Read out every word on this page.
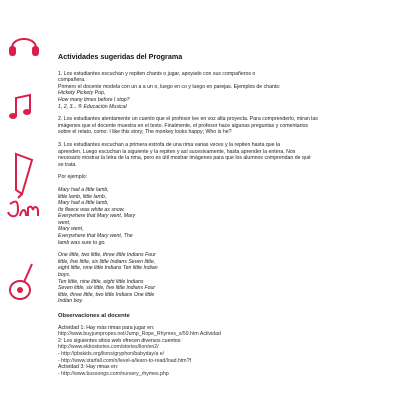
Actividades sugeridas del Programa

1. Los estudiantes escuchan y repiten chants o jugar, apoyado con sus compañeros o
compañera.
Primero el docente modela con un a a un o, luego en co y luego en parejas. Ejemplos de chants:
Hickety Pickety Pop,
How many times before I stop?
1, 2, 3... ® Educación Musical

2. Los estudiantes atentamente un cuento que el profesor lee en voz alta proyecta. Para comprenderlo, miran las
imágenes que el docente muestra en el texto. Finalmente, el profesor hace algunas preguntas y comentarios
sobre el relato, como: I like this story; The monkey looks happy; Who is he?

3. Los estudiantes escuchan a primera estrofa de una rima varias veces y la repiten hasta que la
aprenden. Luego escuchan la siguiente y la repiten y así sucesivamente, hasta aprender la entera. Nos
necesario mostrar la letra de la rima, pero es útil mostrar imágenes para que los alumnos comprendan de qué
se trata.

Por ejemplo:

Mary had a little lamb,
little lamb, little lamb,
Mary had a little lamb,
Its fleece was white as snow.
Everywhere that Mary went, Mary
went,
Mary went,
Everywhere that Mary went, The
lamb was sure to go.

One little, two little, three little Indians Four
little, five little, six little Indians Seven little,
eight little, nine little Indians Ten little Indian
boys.
Ten little, nine little, eight little Indians
Seven little, six little, five little Indians Four
little, three little, two little Indians One little
Indian boy.

Observaciones al docente
Actividad 1: Hay más rimas para jugar en:
http://www.buyjumpropes.net/Jump_Rope_Rhymes_s/59.htm Actividad
2: Los siguientes sitios web ofrecen diversos cuentos:
http://www.ekkostories.com/stories/lion/en2/
- http://pbskids.org/lions/gryphon/babyday/a e/
- http://www.starfall.com/n/level-a/learn-to-read/load.htm?f
Actividad 3: Hay rimas en:
- http://www.bussongs.com/nursery_rhymes.php
